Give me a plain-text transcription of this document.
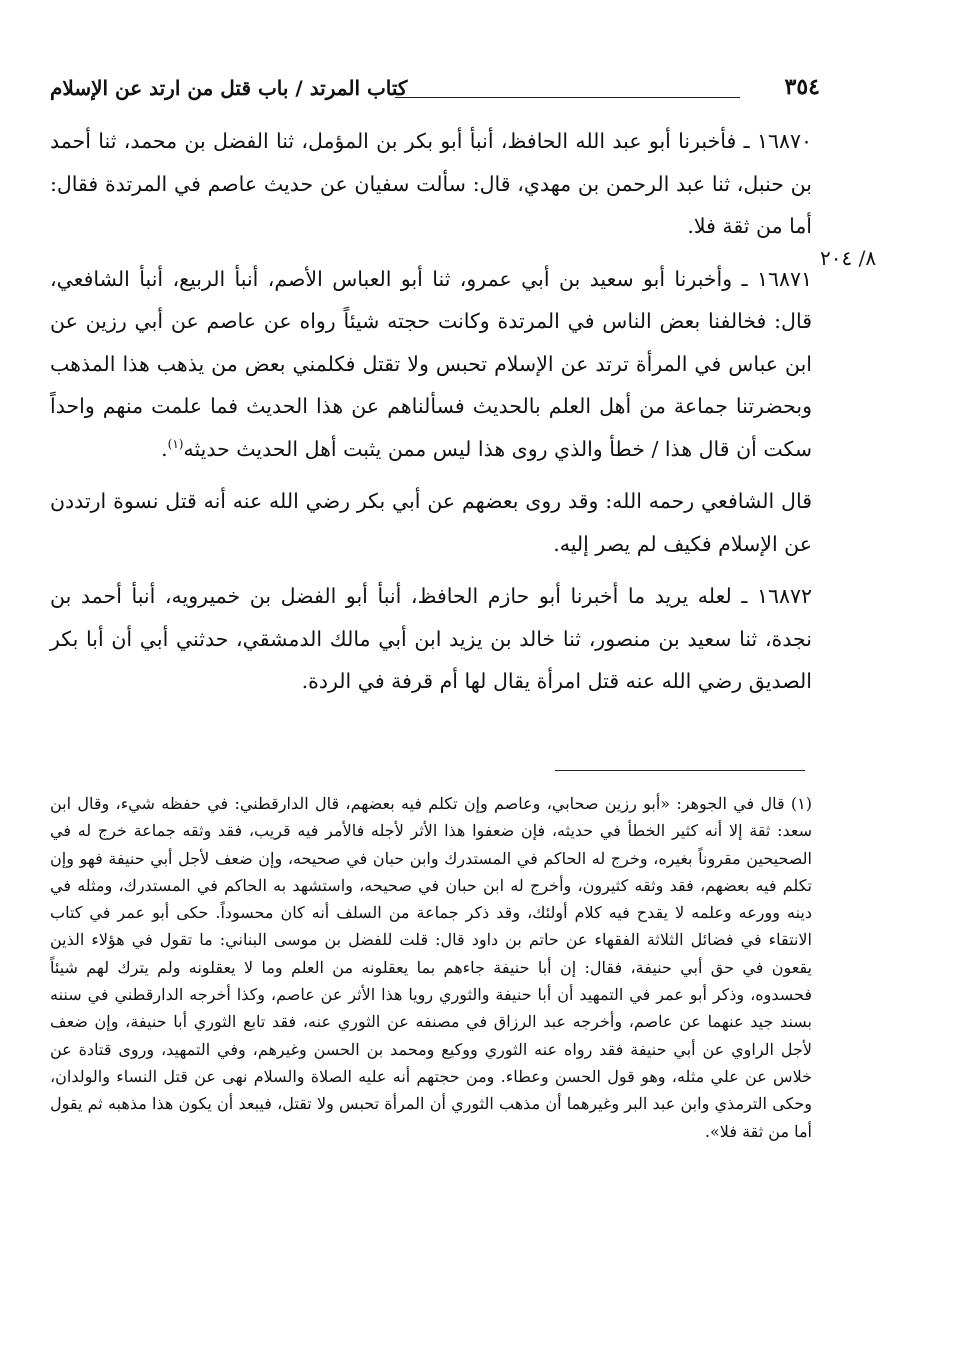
٣٥٤
كتاب المرتد / باب قتل من ارتد عن الإسلام
٨/ ٢٠٤

١٦٨٧٠ ـ فأخبرنا أبو عبد الله الحافظ، أنبأ أبو بكر بن المؤمل، ثنا الفضل بن محمد، ثنا أحمد بن حنبل، ثنا عبد الرحمن بن مهدي، قال: سألت سفيان عن حديث عاصم في المرتدة فقال: أما من ثقة فلا.

١٦٨٧١ ـ وأخبرنا أبو سعيد بن أبي عمرو، ثنا أبو العباس الأصم، أنبأ الربيع، أنبأ الشافعي، قال: فخالفنا بعض الناس في المرتدة وكانت حجته شيئاً رواه عن عاصم عن أبي رزين عن ابن عباس في المرأة ترتد عن الإسلام تحبس ولا تقتل فكلمني بعض من يذهب هذا المذهب وبحضرتنا جماعة من أهل العلم بالحديث فسألناهم عن هذا الحديث فما علمت منهم واحداً سكت أن قال هذا / خطأ والذي روى هذا ليس ممن يثبت أهل الحديث حديثه$^{(١)}$.

قال الشافعي رحمه الله: وقد روى بعضهم عن أبي بكر رضي الله عنه أنه قتل نسوة ارتددن عن الإسلام فكيف لم يصر إليه.

١٦٨٧٢ ـ لعله يريد ما أخبرنا أبو حازم الحافظ، أنبأ أبو الفضل بن خميرويه، أنبأ أحمد بن نجدة، ثنا سعيد بن منصور، ثنا خالد بن يزيد ابن أبي مالك الدمشقي، حدثني أبي أن أبا بكر الصديق رضي الله عنه قتل امرأة يقال لها أم قرفة في الردة.

(١) قال في الجوهر: «أبو رزين صحابي، وعاصم وإن تكلم فيه بعضهم، قال الدارقطني: في حفظه شيء، وقال ابن سعد: ثقة إلا أنه كثير الخطأ في حديثه، فإن ضعفوا هذا الأثر لأجله فالأمر فيه قريب، فقد وثقه جماعة خرج له في الصحيحين مقروناً بغيره، وخرج له الحاكم في المستدرك وابن حبان في صحيحه، وإن ضعف لأجل أبي حنيفة فهو وإن تكلم فيه بعضهم، فقد وثقه كثيرون، وأخرج له ابن حبان في صحيحه، واستشهد به الحاكم في المستدرك، ومثله في دينه وورعه وعلمه لا يقدح فيه كلام أولئك، وقد ذكر جماعة من السلف أنه كان محسوداً. حكى أبو عمر في كتاب الانتقاء في فضائل الثلاثة الفقهاء عن حاتم بن داود قال: قلت للفضل بن موسى البناني: ما تقول في هؤلاء الذين يقعون في حق أبي حنيفة، فقال: إن أبا حنيفة جاءهم بما يعقلونه من العلم وما لا يعقلونه ولم يترك لهم شيئاً فحسدوه، وذكر أبو عمر في التمهيد أن أبا حنيفة والثوري رويا هذا الأثر عن عاصم، وكذا أخرجه الدارقطني في سننه بسند جيد عنهما عن عاصم، وأخرجه عبد الرزاق في مصنفه عن الثوري عنه، فقد تابع الثوري أبا حنيفة، وإن ضعف لأجل الراوي عن أبي حنيفة فقد رواه عنه الثوري ووكيع ومحمد بن الحسن وغيرهم، وفي التمهيد، وروى قتادة عن خلاس عن علي مثله، وهو قول الحسن وعطاء. ومن حجتهم أنه عليه الصلاة والسلام نهى عن قتل النساء والولدان، وحكى الترمذي وابن عبد البر وغيرهما أن مذهب الثوري أن المرأة تحبس ولا تقتل، فيبعد أن يكون هذا مذهبه ثم يقول أما من ثقة فلا».
